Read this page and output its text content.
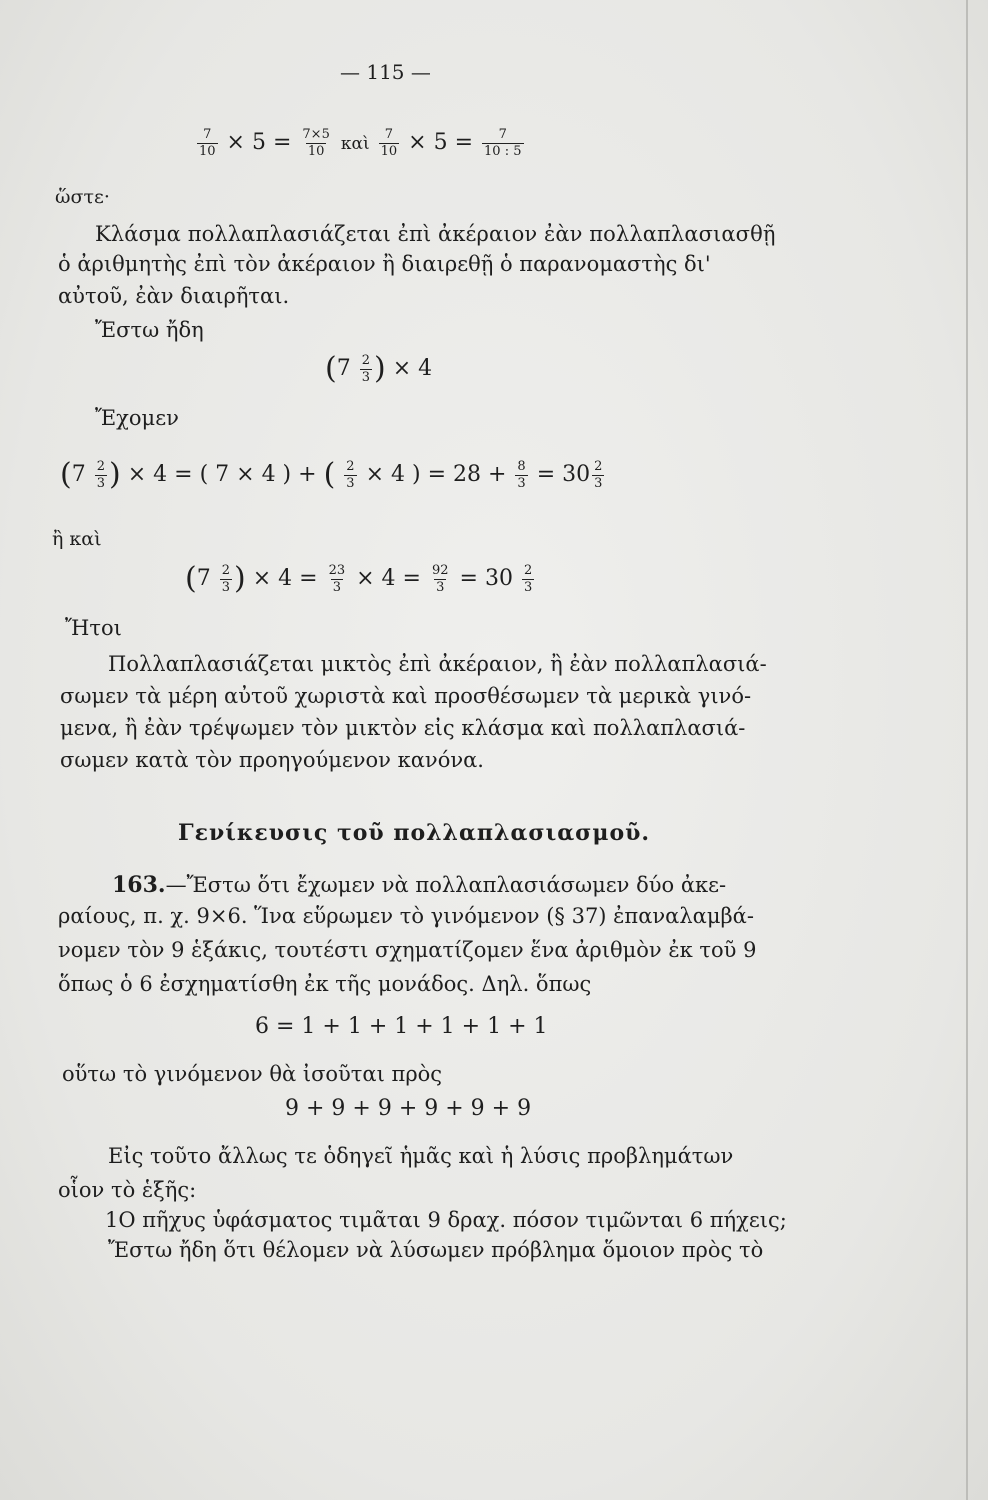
— 115 —
$\frac{7}{10} \times 5 = \frac{7\times 5}{10}$ καὶ $\frac{7}{10} \times 5 = \frac{7}{10 : 5}$
ὥστε·
Κλάσμα πολλαπλασιάζεται ἐπὶ ἀκέραιον ἐὰν πολλαπλασιασθῇ
ὁ ἀριθμητὴς ἐπὶ τὸν ἀκέραιον ἢ διαιρεθῇ ὁ παρανομαστὴς δι'
αὐτοῦ, ἐὰν διαιρῆται.
Ἔστω ἤδη
($7 \frac{2}{3}$ ) × 4
Ἔχομεν
($7 \frac{2}{3}$ ) × 4 = ( 7 × 4 ) + ( $\frac{2}{3} \times 4$ ) = $28 + \frac{8}{3} = 30 \frac{2}{3}$
ἢ καὶ
($7 \frac{2}{3}$ ) × $4 = \frac{23}{3} \times 4 = \frac{92}{3} = 30 \frac{2}{3}$
Ἤτοι
Πολλαπλασιάζεται μικτὸς ἐπὶ ἀκέραιον, ἢ ἐὰν πολλαπλασιά-
σωμεν τὰ μέρη αὐτοῦ χωριστὰ καὶ προσθέσωμεν τὰ μερικὰ γινό-
μενα, ἢ ἐὰν τρέψωμεν τὸν μικτὸν εἰς κλάσμα καὶ πολλαπλασιά-
σωμεν κατὰ τὸν προηγούμενον κανόνα.
Γενίκευσις τοῦ πολλαπλασιασμοῦ.
163.—Ἔστω ὅτι ἔχωμεν νὰ πολλαπλασιάσωμεν δύο ἀκε-
ραίους, π. χ. 9×6. Ἵνα εὕρωμεν τὸ γινόμενον (§ 37) ἐπαναλαμβά-
νομεν τὸν 9 ἑξάκις, τουτέστι σχηματίζομεν ἕνα ἀριθμὸν ἐκ τοῦ 9
ὅπως ὁ 6 ἐσχηματίσθη ἐκ τῆς μονάδος. Δηλ. ὅπως
6 = 1 + 1 + 1 + 1 + 1 + 1
οὕτω τὸ γινόμενον θὰ ἰσοῦται πρὸς
9 + 9 + 9 + 9 + 9 + 9
Εἰς τοῦτο ἄλλως τε ὁδηγεῖ ἡμᾶς καὶ ἡ λύσις προβλημάτων
οἷον τὸ ἑξῆς:
1Ο πῆχυς ὑφάσματος τιμᾶται 9 δραχ. πόσον τιμῶνται 6 πήχεις;
Ἔστω ἤδη ὅτι θέλομεν νὰ λύσωμεν πρόβλημα ὅμοιον πρὸς τὸ
